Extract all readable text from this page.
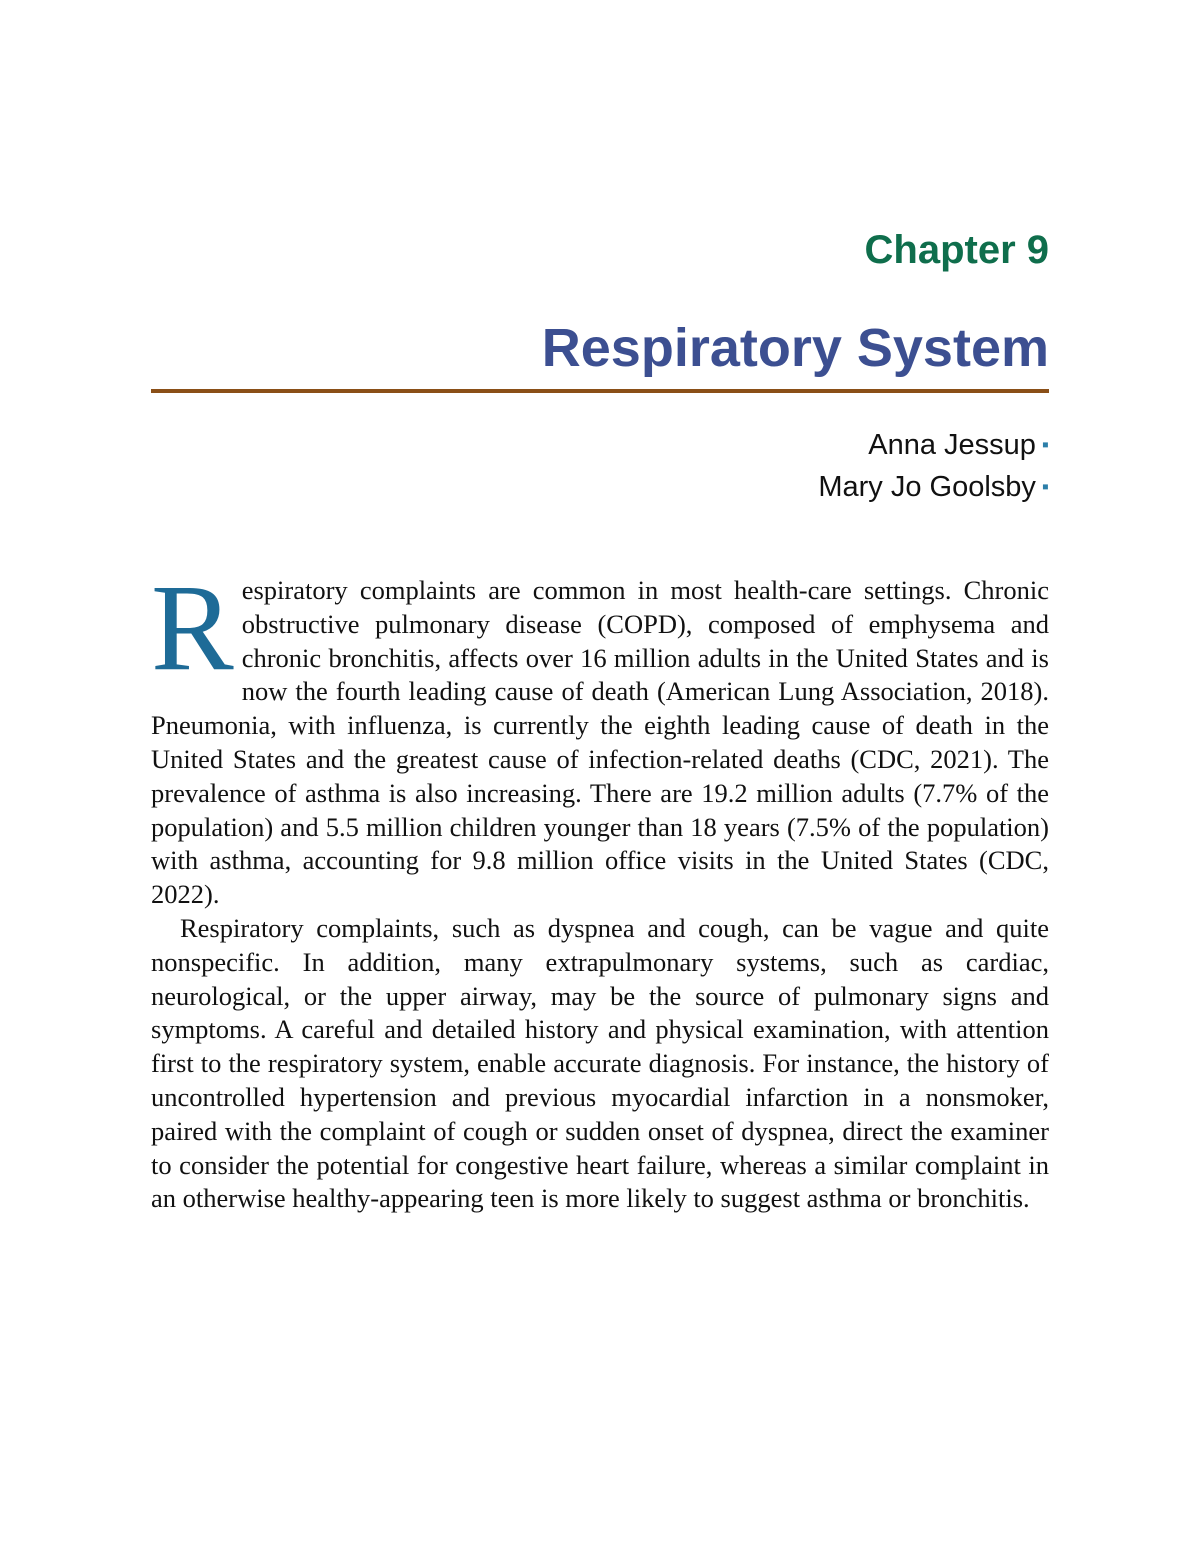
Chapter 9
Respiratory System
Anna Jessup ▪
Mary Jo Goolsby ▪

Respiratory complaints are common in most health-care settings. Chronic obstructive pulmonary disease (COPD), composed of emphysema and chronic bronchitis, affects over 16 million adults in the United States and is now the fourth leading cause of death (American Lung Association, 2018). Pneumonia, with influenza, is currently the eighth leading cause of death in the United States and the greatest cause of infection-related deaths (CDC, 2021). The prevalence of asthma is also increasing. There are 19.2 million adults (7.7% of the population) and 5.5 million children younger than 18 years (7.5% of the population) with asthma, accounting for 9.8 million office visits in the United States (CDC, 2022).

Respiratory complaints, such as dyspnea and cough, can be vague and quite nonspecific. In addition, many extrapulmonary systems, such as cardiac, neurological, or the upper airway, may be the source of pulmonary signs and symptoms. A careful and detailed history and physical examination, with attention first to the respiratory system, enable accurate diagnosis. For instance, the history of uncontrolled hypertension and previous myocardial infarction in a nonsmoker, paired with the complaint of cough or sudden onset of dyspnea, direct the examiner to consider the potential for congestive heart failure, whereas a similar complaint in an otherwise healthy-appearing teen is more likely to suggest asthma or bronchitis.
